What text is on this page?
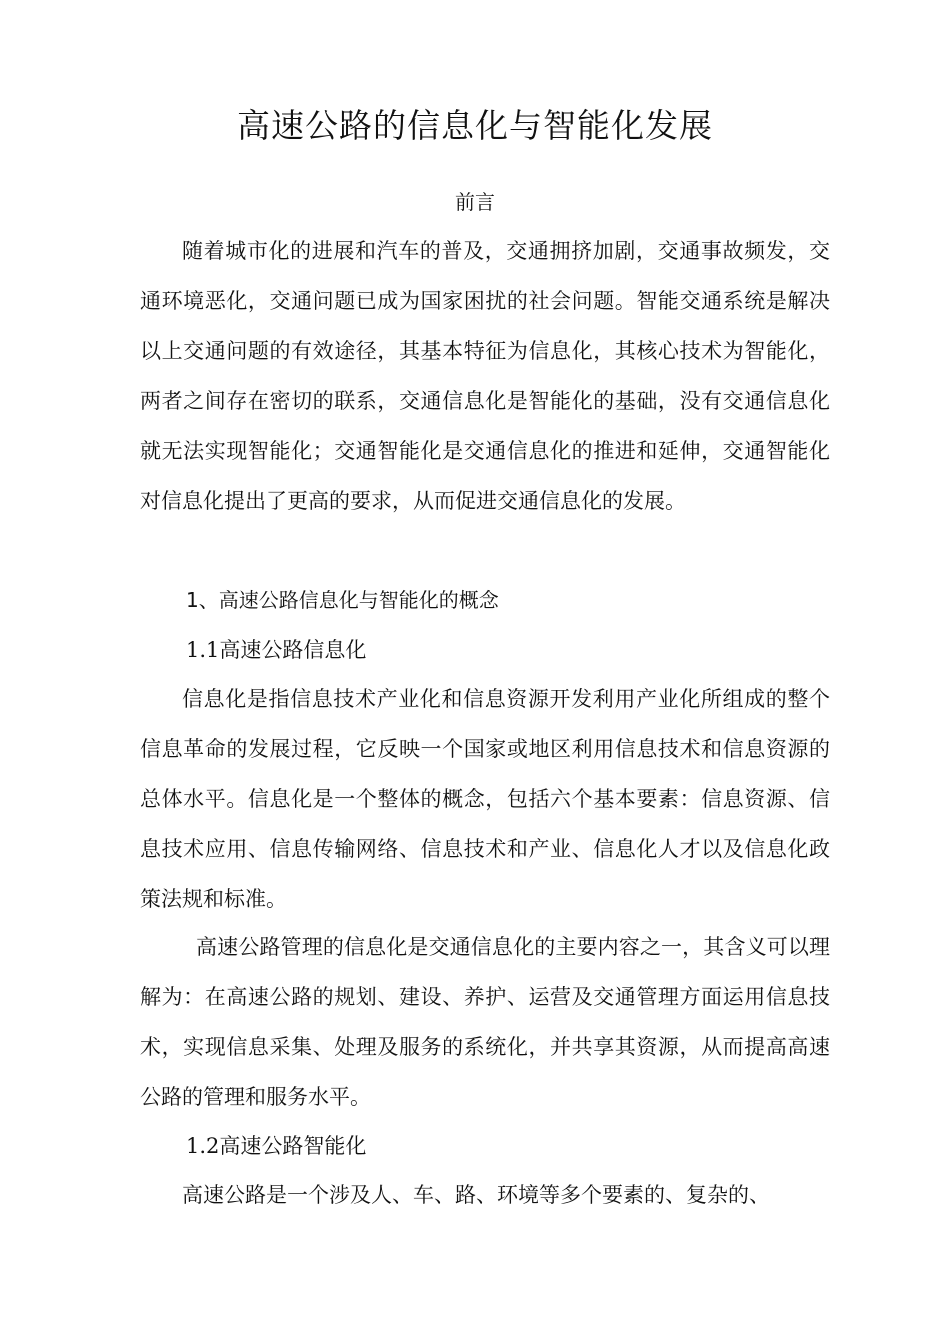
高速公路的信息化与智能化发展
前言

随着城市化的进展和汽车的普及，交通拥挤加剧，交通事故频发，交通环境恶化，交通问题已成为国家困扰的社会问题。智能交通系统是解决以上交通问题的有效途径，其基本特征为信息化，其核心技术为智能化，两者之间存在密切的联系，交通信息化是智能化的基础，没有交通信息化就无法实现智能化；交通智能化是交通信息化的推进和延伸，交通智能化对信息化提出了更高的要求，从而促进交通信息化的发展。

1、高速公路信息化与智能化的概念
1.1高速公路信息化

信息化是指信息技术产业化和信息资源开发利用产业化所组成的整个信息革命的发展过程，它反映一个国家或地区利用信息技术和信息资源的总体水平。信息化是一个整体的概念，包括六个基本要素：信息资源、信息技术应用、信息传输网络、信息技术和产业、信息化人才以及信息化政策法规和标准。

高速公路管理的信息化是交通信息化的主要内容之一，其含义可以理解为：在高速公路的规划、建设、养护、运营及交通管理方面运用信息技术，实现信息采集、处理及服务的系统化，并共享其资源，从而提高高速公路的管理和服务水平。

1.2高速公路智能化

高速公路是一个涉及人、车、路、环境等多个要素的、复杂的、
